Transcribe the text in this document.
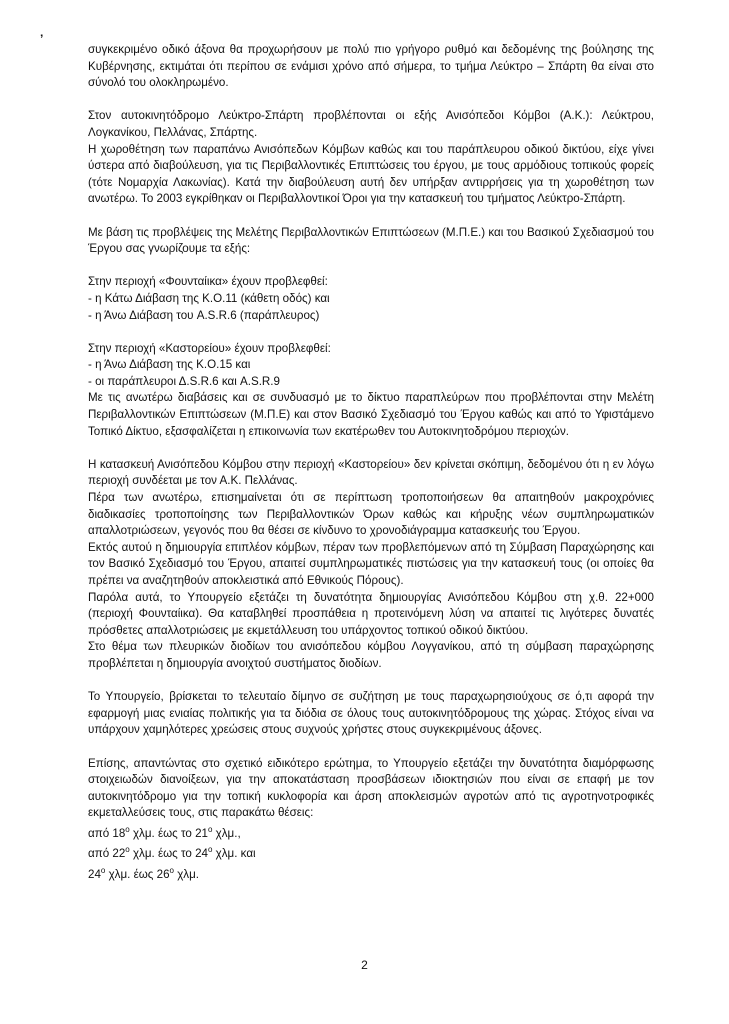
’

συγκεκριμένο οδικό άξονα θα προχωρήσουν με πολύ πιο γρήγορο ρυθμό και δεδομένης της βούλησης της Κυβέρνησης, εκτιμάται ότι περίπου σε ενάμισι χρόνο από σήμερα, το τμήμα Λεύκτρο – Σπάρτη θα είναι στο σύνολό του ολοκληρωμένο.

Στον αυτοκινητόδρομο Λεύκτρο-Σπάρτη προβλέπονται οι εξής Ανισόπεδοι Κόμβοι (Α.Κ.): Λεύκτρου, Λογκανίκου, Πελλάνας, Σπάρτης.

Η χωροθέτηση των παραπάνω Ανισόπεδων Κόμβων καθώς και του παράπλευρου οδικού δικτύου, είχε γίνει ύστερα από διαβούλευση, για τις Περιβαλλοντικές Επιπτώσεις του έργου, με τους αρμόδιους τοπικούς φορείς (τότε Νομαρχία Λακωνίας). Κατά την διαβούλευση αυτή δεν υπήρξαν αντιρρήσεις για τη χωροθέτηση των ανωτέρω. Το 2003 εγκρίθηκαν οι Περιβαλλοντικοί Όροι για την κατασκευή του τμήματος Λεύκτρο-Σπάρτη.

Με βάση τις προβλέψεις της Μελέτης Περιβαλλοντικών Επιπτώσεων (Μ.Π.Ε.) και του Βασικού Σχεδιασμού του Έργου σας γνωρίζουμε τα εξής:

Στην περιοχή «Φουνταίικα» έχουν προβλεφθεί:

- η Κάτω Διάβαση της Κ.Ο.11 (κάθετη οδός) και

- η Άνω Διάβαση του A.S.R.6 (παράπλευρος)

Στην περιοχή «Καστορείου» έχουν προβλεφθεί:

- η Άνω Διάβαση της Κ.Ο.15 και

- οι παράπλευροι Δ.S.R.6 και A.S.R.9

Με τις ανωτέρω διαβάσεις και σε συνδυασμό με το δίκτυο παραπλεύρων που προβλέπονται στην Μελέτη Περιβαλλοντικών Επιπτώσεων (Μ.Π.Ε) και στον Βασικό Σχεδιασμό του Έργου καθώς και από το Υφιστάμενο Τοπικό Δίκτυο, εξασφαλίζεται η επικοινωνία των εκατέρωθεν του Αυτοκινητοδρόμου περιοχών.

Η κατασκευή Ανισόπεδου Κόμβου στην περιοχή «Καστορείου» δεν κρίνεται σκόπιμη, δεδομένου ότι η εν λόγω περιοχή συνδέεται με τον Α.Κ. Πελλάνας.

Πέρα των ανωτέρω, επισημαίνεται ότι σε περίπτωση τροποποιήσεων θα απαιτηθούν μακροχρόνιες διαδικασίες τροποποίησης των Περιβαλλοντικών Όρων καθώς και κήρυξης νέων συμπληρωματικών απαλλοτριώσεων, γεγονός που θα θέσει σε κίνδυνο το χρονοδιάγραμμα κατασκευής του Έργου.

Εκτός αυτού η δημιουργία επιπλέον κόμβων, πέραν των προβλεπόμενων από τη Σύμβαση Παραχώρησης και τον Βασικό Σχεδιασμό του Έργου, απαιτεί συμπληρωματικές πιστώσεις για την κατασκευή τους (οι οποίες θα πρέπει να αναζητηθούν αποκλειστικά από Εθνικούς Πόρους).

Παρόλα αυτά, το Υπουργείο εξετάζει τη δυνατότητα δημιουργίας Ανισόπεδου Κόμβου στη χ.θ. 22+000 (περιοχή Φουνταίικα). Θα καταβληθεί προσπάθεια η προτεινόμενη λύση να απαιτεί τις λιγότερες δυνατές πρόσθετες απαλλοτριώσεις με εκμετάλλευση του υπάρχοντος τοπικού οδικού δικτύου.

Στο θέμα των πλευρικών διοδίων του ανισόπεδου κόμβου Λογγανίκου, από τη σύμβαση παραχώρησης προβλέπεται η δημιουργία ανοιχτού συστήματος διοδίων.

Το Υπουργείο, βρίσκεται το τελευταίο δίμηνο σε συζήτηση με τους παραχωρησιούχους σε ό,τι αφορά την εφαρμογή μιας ενιαίας πολιτικής για τα διόδια σε όλους τους αυτοκινητόδρομους της χώρας. Στόχος είναι να υπάρχουν χαμηλότερες χρεώσεις στους συχνούς χρήστες στους συγκεκριμένους άξονες.

Επίσης, απαντώντας στο σχετικό ειδικότερο ερώτημα, το Υπουργείο εξετάζει την δυνατότητα διαμόρφωσης στοιχειωδών διανοίξεων, για την αποκατάσταση προσβάσεων ιδιοκτησιών που είναι σε επαφή με τον αυτοκινητόδρομο για την τοπική κυκλοφορία και άρση αποκλεισμών αγροτών από τις αγροτηνοτροφικές εκμεταλλεύσεις τους, στις παρακάτω θέσεις:

από $18^o$ χλμ. έως το $21^o$ χλμ.,

από $22^o$ χλμ. έως το $24^o$ χλμ. και

$24^o$ χλμ. έως $26^o$ χλμ.

2
